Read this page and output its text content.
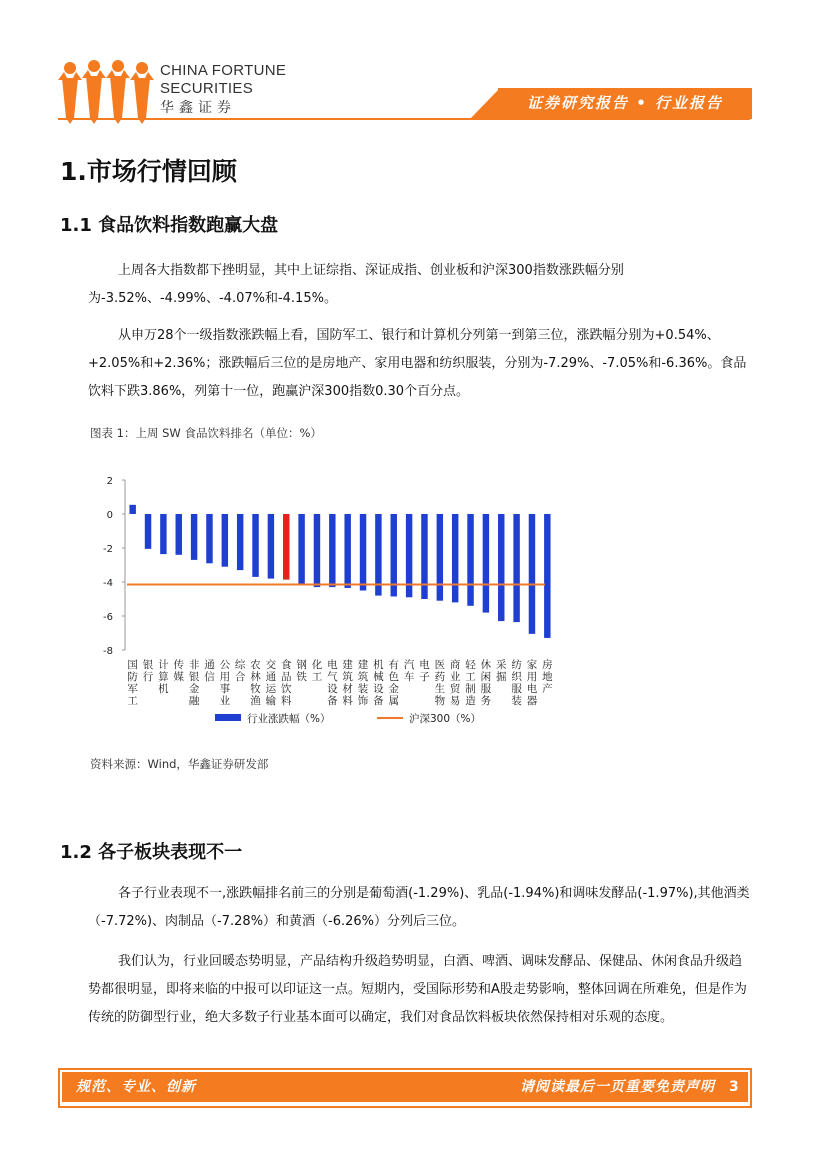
CHINA FORTUNE
SECURITIES
华鑫证券	证券研究报告 • 行业报告
1.市场行情回顾
1.1 食品饮料指数跑赢大盘

上周各大指数都下挫明显，其中上证综指、深证成指、创业板和沪深300指数涨跌幅分别为-3.52%、-4.99%、-4.07%和-4.15%。

从申万28个一级指数涨跌幅上看，国防军工、银行和计算机分列第一到第三位，涨跌幅分别为+0.54%、+2.05%和+2.36%；涨跌幅后三位的是房地产、家用电器和纺织服装，分别为-7.29%、-7.05%和-6.36%。食品饮料下跌3.86%，列第十一位，跑赢沪深300指数0.30个百分点。

图表 1：上周 SW 食品饮料排名（单位：%）
2
0
-2
-4
-6
-8
国
防
军
工
银
行
计
算
机
传
媒
非
银
金
融
通
信
公
用
事
业
综
合
农
林
牧
渔
交
通
运
输
食
品
饮
料
钢
铁
化
工
电
气
设
备
建
筑
材
料
建
筑
装
饰
机
械
设
备
有
色
金
属
汽
车
电
子
医
药
生
物
商
业
贸
易
轻
工
制
造
休
闲
服
务
采
掘
纺
织
服
装
家
用
电
器
房
地
产
行业涨跌幅（%）	沪深300（%）
资料来源：Wind，华鑫证券研发部
1.2 各子板块表现不一

各子行业表现不一,涨跌幅排名前三的分别是葡萄酒(-1.29%)、乳品(-1.94%)和调味发酵品(-1.97%),其他酒类（-7.72%)、肉制品（-7.28%）和黄酒（-6.26%）分列后三位。

我们认为，行业回暖态势明显，产品结构升级趋势明显，白酒、啤酒、调味发酵品、保健品、休闲食品升级趋势都很明显，即将来临的中报可以印证这一点。短期内，受国际形势和A股走势影响，整体回调在所难免，但是作为传统的防御型行业，绝大多数子行业基本面可以确定，我们对食品饮料板块依然保持相对乐观的态度。

规范、专业、创新	请阅读最后一页重要免责声明 3
